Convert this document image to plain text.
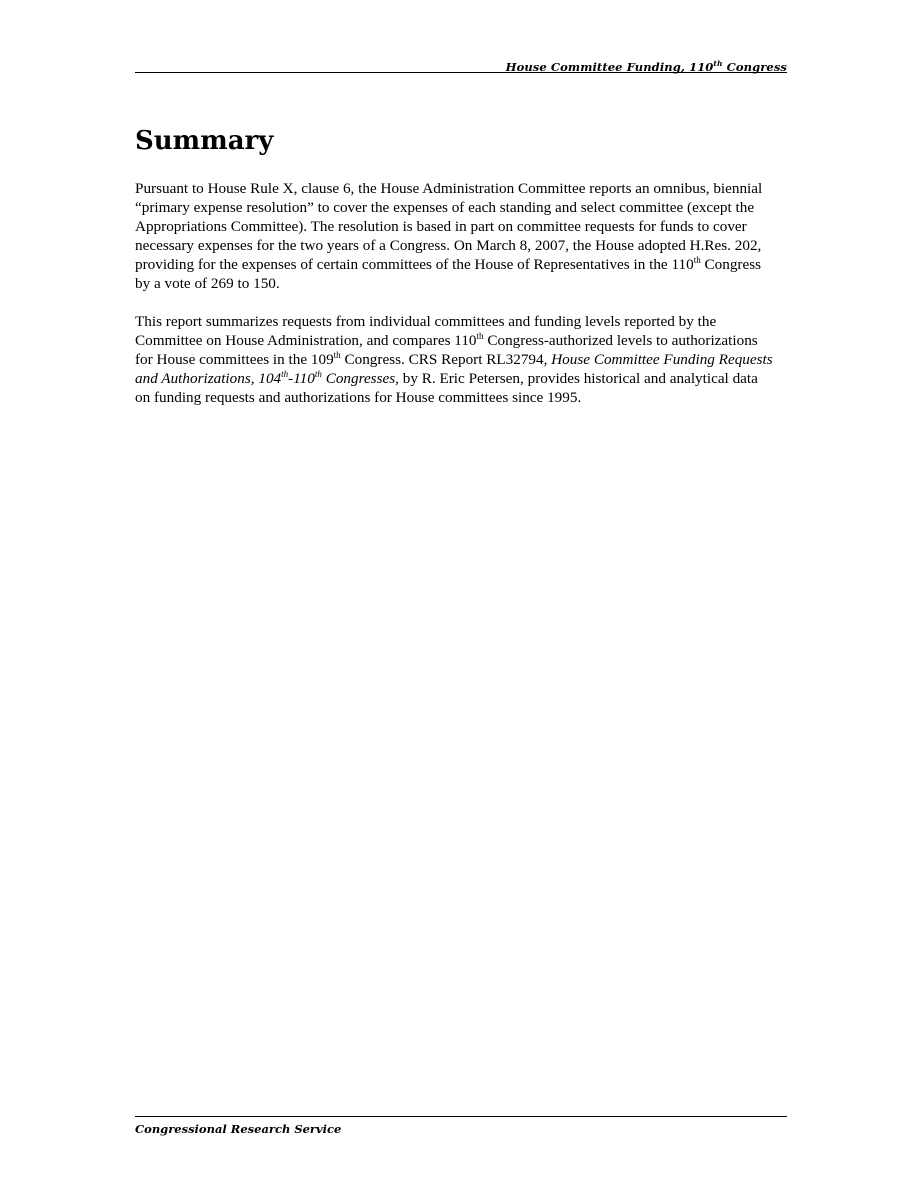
House Committee Funding, 110th Congress
Summary

Pursuant to House Rule X, clause 6, the House Administration Committee reports an omnibus, biennial “primary expense resolution” to cover the expenses of each standing and select committee (except the Appropriations Committee). The resolution is based in part on committee requests for funds to cover necessary expenses for the two years of a Congress. On March 8, 2007, the House adopted H.Res. 202, providing for the expenses of certain committees of the House of Representatives in the 110th Congress by a vote of 269 to 150.

This report summarizes requests from individual committees and funding levels reported by the Committee on House Administration, and compares 110th Congress-authorized levels to authorizations for House committees in the 109th Congress. CRS Report RL32794, House Committee Funding Requests and Authorizations, 104th-110th Congresses, by R. Eric Petersen, provides historical and analytical data on funding requests and authorizations for House committees since 1995.

Congressional Research Service
